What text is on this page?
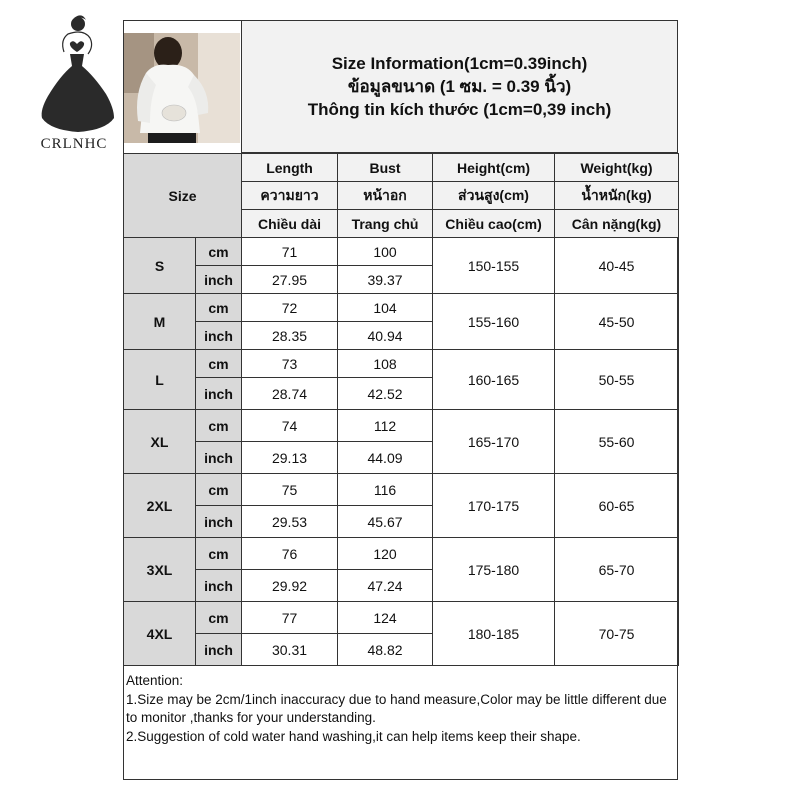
CRLNHC
Size Information(1cm=0.39inch)
ข้อมูลขนาด (1 ซม. = 0.39 นิ้ว)
Thông tin kích thước (1cm=0,39 inch)
Size		Length	Bust	Height(cm)	Weight(kg)
		ความยาว	หน้าอก	ส่วนสูง(cm)	น้ำหนัก(kg)
		Chiều dài	Trang chủ	Chiều cao(cm)	Cân nặng(kg)
S	cm	71	100	150-155	40-45
	inch	27.95	39.37		
M	cm	72	104	155-160	45-50
	inch	28.35	40.94		
L	cm	73	108	160-165	50-55
	inch	28.74	42.52		
XL	cm	74	112	165-170	55-60
	inch	29.13	44.09		
2XL	cm	75	116	170-175	60-65
	inch	29.53	45.67		
3XL	cm	76	120	175-180	65-70
	inch	29.92	47.24		
4XL	cm	77	124	180-185	70-75
	inch	30.31	48.82		
Attention:
1.Size may be 2cm/1inch inaccuracy due to hand measure,Color may be little different due to monitor ,thanks for your understanding.
2.Suggestion of cold water hand washing,it can help items keep their shape.
